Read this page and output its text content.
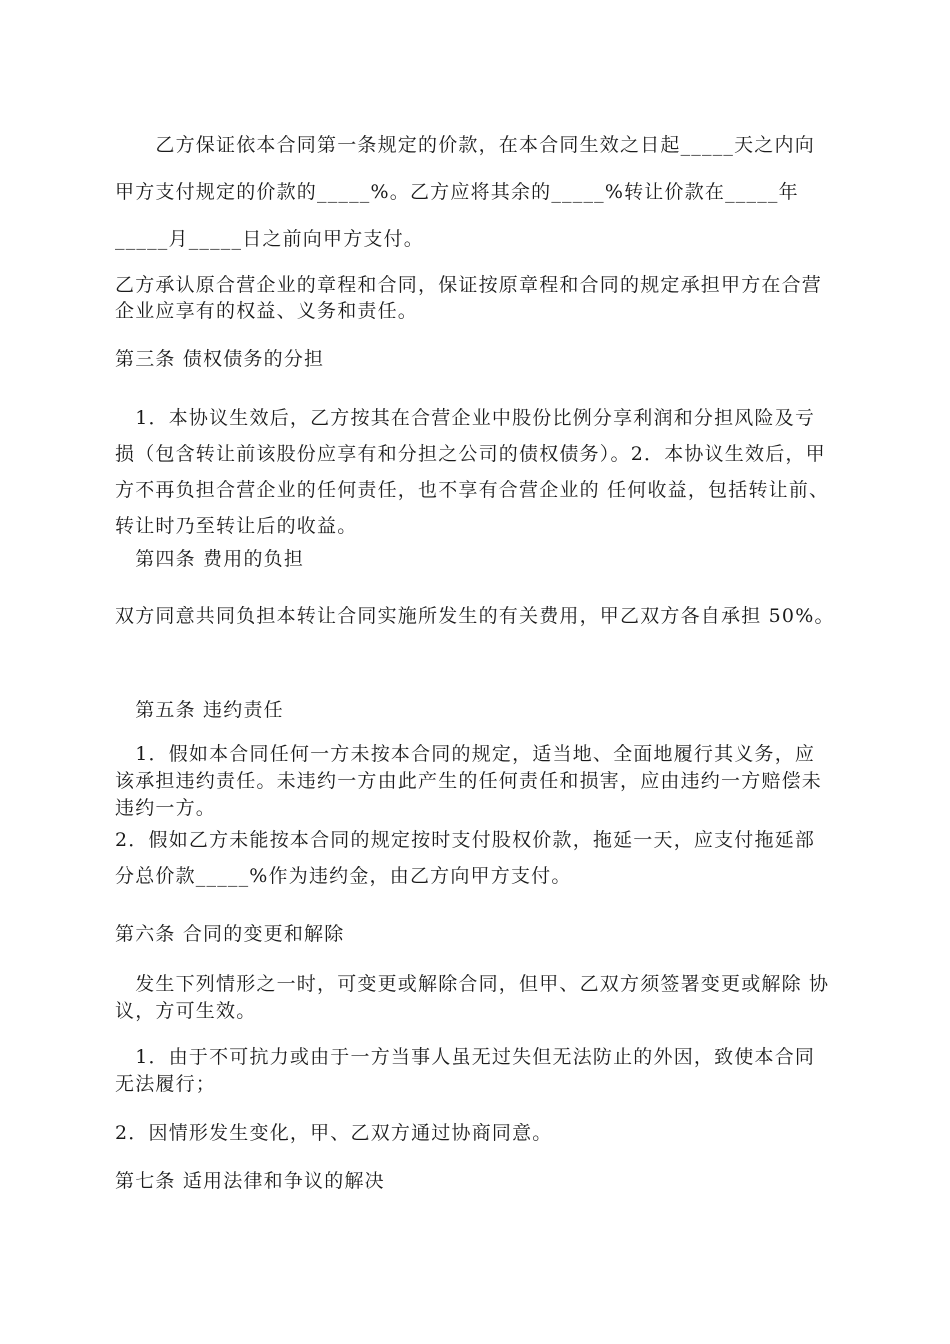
　　乙方保证依本合同第一条规定的价款，在本合同生效之日起_____天之内向 甲方支付规定的价款的_____%。乙方应将其余的_____%转让价款在_____年 _____月_____日之前向甲方支付。

乙方承认原合营企业的章程和合同，保证按原章程和合同的规定承担甲方在合营企业应享有的权益、义务和责任。

第三条 债权债务的分担

　1．本协议生效后，乙方按其在合营企业中股份比例分享利润和分担风险及亏 损（包含转让前该股份应享有和分担之公司的债权债务）。2．本协议生效后，甲方不再负担合营企业的任何责任，也不享有合营企业的 任何收益，包括转让前、转让时乃至转让后的收益。

　第四条 费用的负担

双方同意共同负担本转让合同实施所发生的有关费用，甲乙双方各自承担 50%。

　第五条 违约责任

　1．假如本合同任何一方未按本合同的规定，适当地、全面地履行其义务，应 该承担违约责任。未违约一方由此产生的任何责任和损害，应由违约一方赔偿未违约一方。

2．假如乙方未能按本合同的规定按时支付股权价款，拖延一天，应支付拖延部分总价款_____%作为违约金，由乙方向甲方支付。

第六条 合同的变更和解除

　发生下列情形之一时，可变更或解除合同，但甲、乙双方须签署变更或解除 协议，方可生效。

　1．由于不可抗力或由于一方当事人虽无过失但无法防止的外因，致使本合同 无法履行；

2．因情形发生变化，甲、乙双方通过协商同意。

第七条 适用法律和争议的解决
